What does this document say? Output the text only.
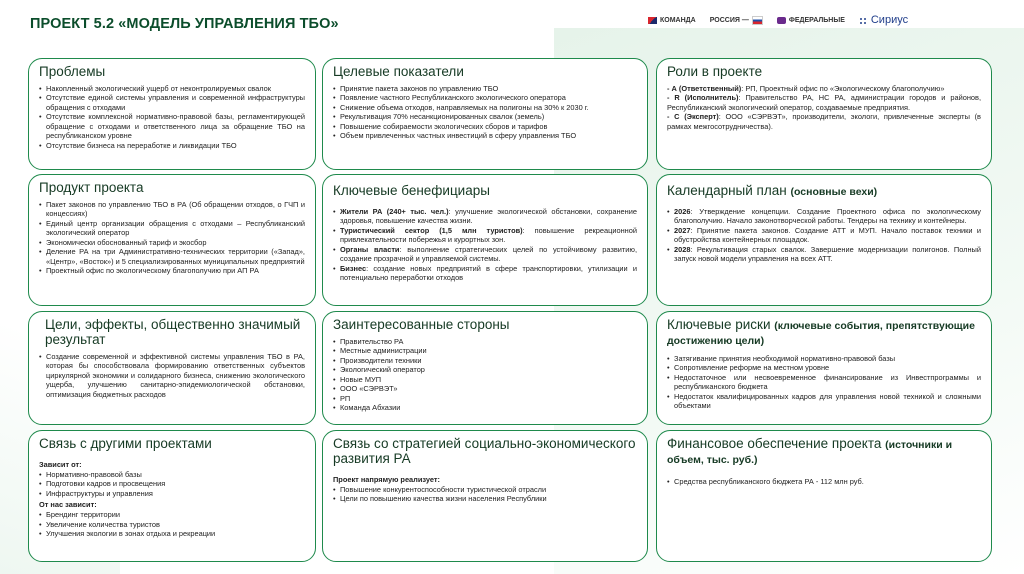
ПРОЕКТ 5.2 «МОДЕЛЬ УПРАВЛЕНИЯ ТБО»	КОМАНДА РОССИЯ —	ФЕДЕРАЛЬНЫЕ Сириус
Проблемы
• Накопленный экологический ущерб от неконтролируемых свалок
• Отсутствие единой системы управления и современной инфраструктуры обращения с отходами
• Отсутствие комплексной нормативно-правовой базы, регламентирующей обращение с отходами и ответственного лица за обращение ТБО на республиканском уровне
• Отсутствие бизнеса на переработке и ликвидации ТБО
Целевые показатели
• Принятие пакета законов по управлению ТБО
• Появление частного Республиканского экологического оператора
• Снижение объема отходов, направляемых на полигоны на 30% к 2030 г.
• Рекультивация 70% несанкционированных свалок (земель)
• Повышение собираемости экологических сборов и тарифов
• Объем привлеченных частных инвестиций в сферу управления ТБО
Роли в проекте
- А (Ответственный): РП, Проектный офис по «Экологическому благополучию»
- R (Исполнитель): Правительство РА, НС РА, администрации городов и районов, Республиканский экологический оператор, создаваемые предприятия.
- С (Эксперт): ООО «СЭРВЭТ», производители, экологи, привлеченные эксперты (в рамках межгосотрудничества).
Продукт проекта
• Пакет законов по управлению ТБО в РА (Об обращении отходов, о ГЧП и концессиях)
• Единый центр организации обращения с отходами – Республиканский экологический оператор
• Экономически обоснованный тариф и экосбор
• Деление РА на три Административно-технических территории («Запад», «Центр», «Восток») и 5 специализированных муниципальных предприятий
• Проектный офис по экологическому благополучию при АП РА
Ключевые бенефициары
• Жители РА (240+ тыс. чел.): улучшение экологической обстановки, сохранение здоровья, повышение качества жизни.
• Туристический сектор (1,5 млн туристов): повышение рекреационной привлекательности побережья и курортных зон.
• Органы власти: выполнение стратегических целей по устойчивому развитию, создание прозрачной и управляемой системы.
• Бизнес: создание новых предприятий в сфере транспортировки, утилизации и потенциально переработки отходов
Календарный план (основные вехи)
• 2026: Утверждение концепции. Создание Проектного офиса по экологическому благополучию. Начало законотворческой работы. Тендеры на технику и контейнеры.
• 2027: Принятие пакета законов. Создание АТТ и МУП. Начало поставок техники и обустройства контейнерных площадок.
• 2028: Рекультивация старых свалок. Завершение модернизации полигонов. Полный запуск новой модели управления на всех АТТ.
Цели, эффекты, общественно значимый результат
• Создание современной и эффективной системы управления ТБО в РА, которая бы способствовала формированию ответственных субъектов циркулярной экономики и солидарного бизнеса, снижению экологического ущерба, улучшению санитарно-эпидемиологической обстановки, оптимизация бюджетных расходов
Заинтересованные стороны
• Правительство РА
• Местные администрации
• Производители техники
• Экологический оператор
• Новые МУП
• ООО «СЭРВЭТ»
• РП
• Команда Абхазии
Ключевые риски (ключевые события, препятствующие достижению цели)
• Затягивание принятия необходимой нормативно-правовой базы
• Сопротивление реформе на местном уровне
• Недостаточное или несвоевременное финансирование из Инвестпрограммы и республиканского бюджета
• Недостаток квалифицированных кадров для управления новой техникой и сложными объектами
Связь с другими проектами
Зависит от:
• Нормативно-правовой базы
• Подготовки кадров и просвещения
• Инфраструктуры и управления
От нас зависит:
• Брендинг территории
• Увеличение количества туристов
• Улучшения экологии в зонах отдыха и рекреации
Связь со стратегией социально-экономического развития РА
Проект напрямую реализует:
• Повышение конкурентоспособности туристической отрасли
• Цели по повышению качества жизни населения Республики
Финансовое обеспечение проекта (источники и объем, тыс. руб.)
• Средства республиканского бюджета РА - 112 млн руб.
